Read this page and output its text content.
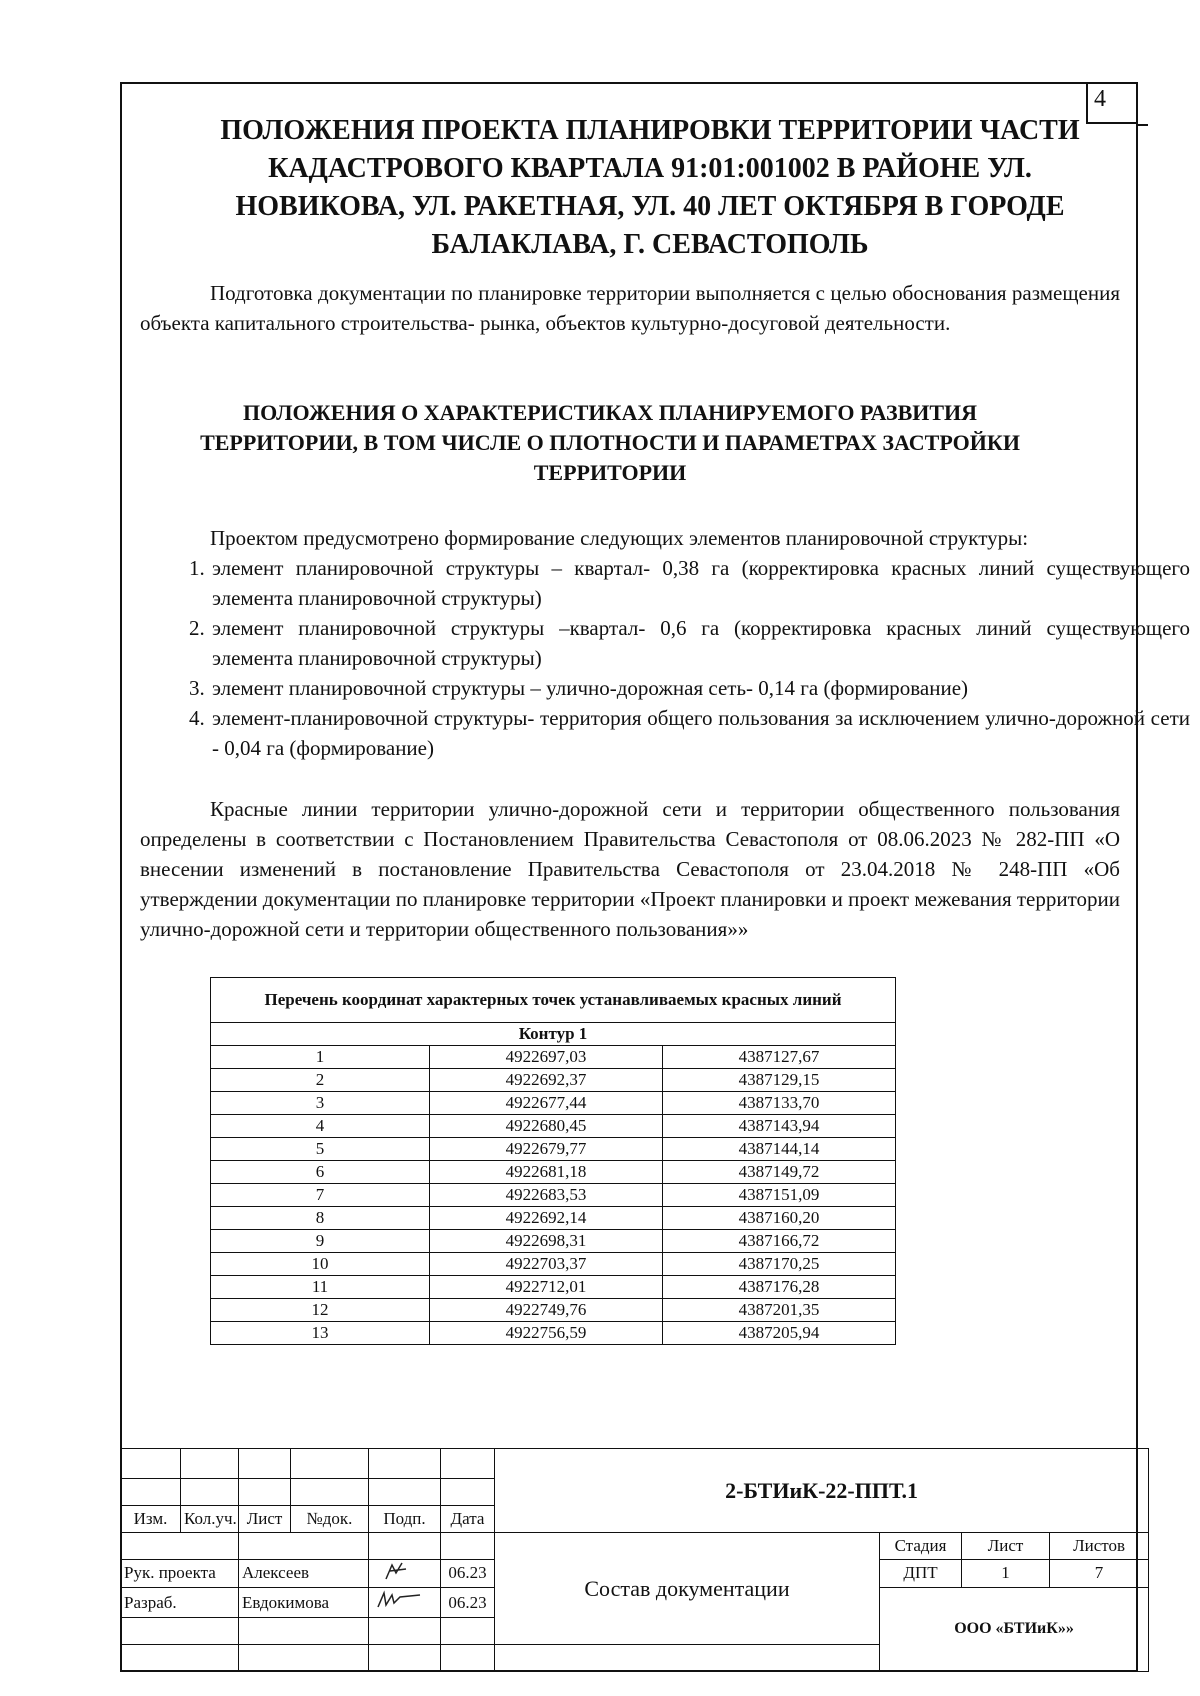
4
ПОЛОЖЕНИЯ ПРОЕКТА ПЛАНИРОВКИ ТЕРРИТОРИИ ЧАСТИ КАДАСТРОВОГО КВАРТАЛА 91:01:001002 В РАЙОНЕ УЛ. НОВИКОВА, УЛ. РАКЕТНАЯ, УЛ. 40 ЛЕТ ОКТЯБРЯ В ГОРОДЕ БАЛАКЛАВА, Г. СЕВАСТОПОЛЬ
Подготовка документации по планировке территории выполняется с целью обоснования размещения объекта капитального строительства- рынка, объектов культурно-досуговой деятельности.
ПОЛОЖЕНИЯ О ХАРАКТЕРИСТИКАХ ПЛАНИРУЕМОГО РАЗВИТИЯ ТЕРРИТОРИИ, В ТОМ ЧИСЛЕ О ПЛОТНОСТИ И ПАРАМЕТРАХ ЗАСТРОЙКИ ТЕРРИТОРИИ
Проектом предусмотрено формирование следующих элементов планировочной структуры:
1. элемент планировочной структуры – квартал- 0,38 га (корректировка красных линий существующего элемента планировочной структуры)
2. элемент планировочной структуры –квартал- 0,6 га (корректировка красных линий существующего элемента планировочной структуры)
3. элемент планировочной структуры – улично-дорожная сеть- 0,14 га (формирование)
4. элемент-планировочной структуры- территория общего пользования за исключением улично-дорожной сети - 0,04 га (формирование)
Красные линии территории улично-дорожной сети и территории общественного пользования определены в соответствии с Постановлением Правительства Севастополя от 08.06.2023 № 282-ПП «О внесении изменений в постановление Правительства Севастополя от 23.04.2018 № 248-ПП «Об утверждении документации по планировке территории «Проект планировки и проект межевания территории улично-дорожной сети и территории общественного пользования»»
Перечень координат характерных точек устанавливаемых красных линий		
Контур 1		
1	4922697,03	4387127,67
2	4922692,37	4387129,15
3	4922677,44	4387133,70
4	4922680,45	4387143,94
5	4922679,77	4387144,14
6	4922681,18	4387149,72
7	4922683,53	4387151,09
8	4922692,14	4387160,20
9	4922698,31	4387166,72
10	4922703,37	4387170,25
11	4922712,01	4387176,28
12	4922749,76	4387201,35
13	4922756,59	4387205,94
						2-БТИиК-22-ППТ.1			

Изм.	Кол.уч.	Лист	№док.	Подп.	Дата				
						Состав документации	Стадия	Лист	Листов
Рук. проекта		Алексеев			06.23		ДПТ	1	7
Разраб.		Евдокимова			06.23		ООО «БТИиК»»		
